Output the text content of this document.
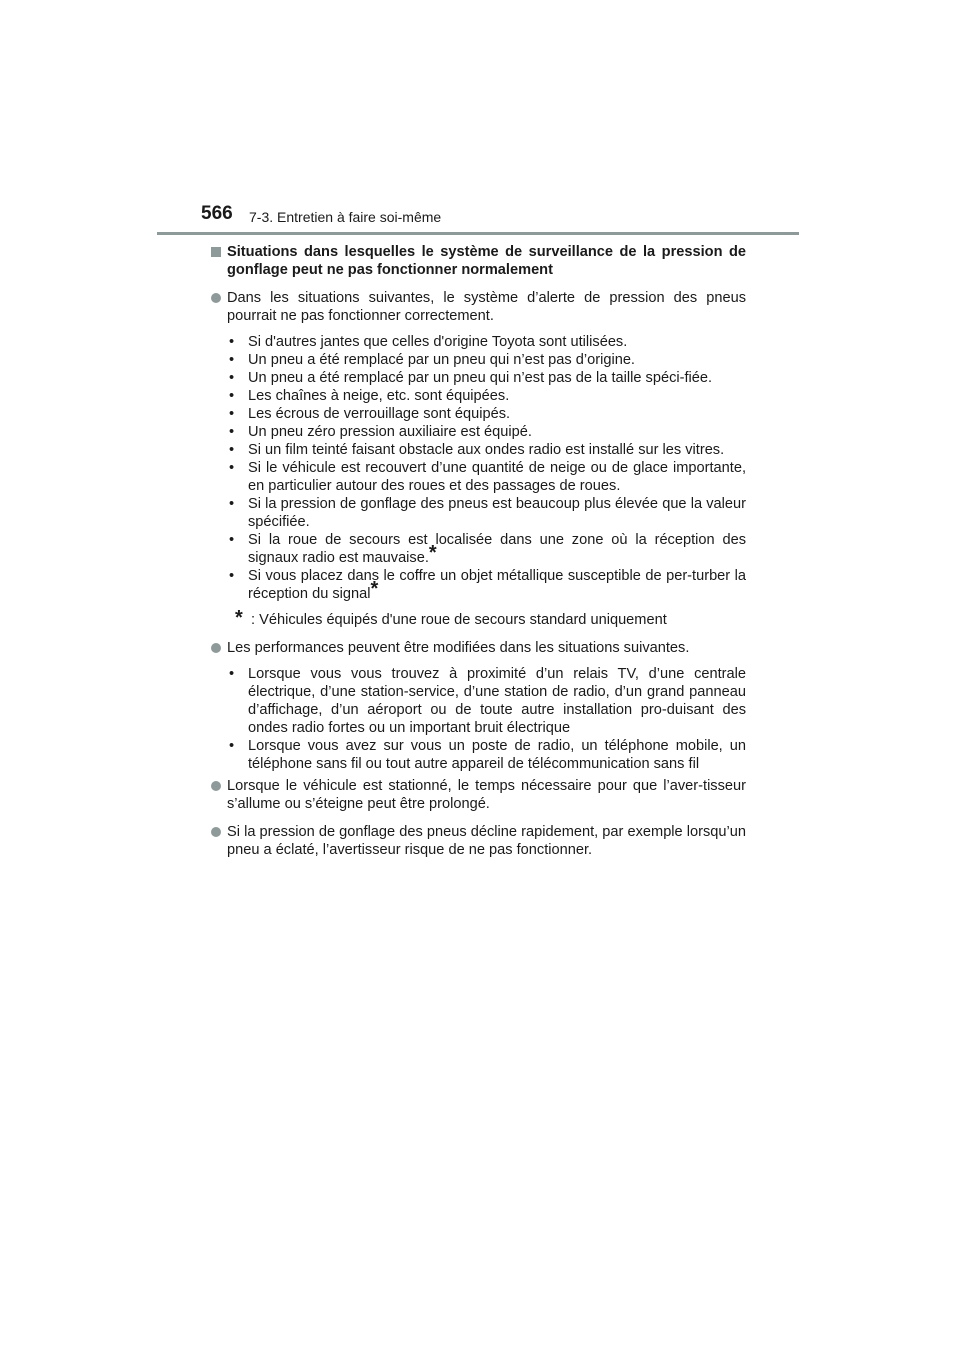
566 7-3. Entretien à faire soi-même
Situations dans lesquelles le système de surveillance de la pression de gonflage peut ne pas fonctionner normalement
Dans les situations suivantes, le système d’alerte de pression des pneus pourrait ne pas fonctionner correctement.
• Si d'autres jantes que celles d'origine Toyota sont utilisées.
• Un pneu a été remplacé par un pneu qui n’est pas d’origine.
• Un pneu a été remplacé par un pneu qui n’est pas de la taille spéci-fiée.
• Les chaînes à neige, etc. sont équipées.
• Les écrous de verrouillage sont équipés.
• Un pneu zéro pression auxiliaire est équipé.
• Si un film teinté faisant obstacle aux ondes radio est installé sur les vitres.
• Si le véhicule est recouvert d’une quantité de neige ou de glace importante, en particulier autour des roues et des passages de roues.
• Si la pression de gonflage des pneus est beaucoup plus élevée que la valeur spécifiée.
• Si la roue de secours est localisée dans une zone où la réception des signaux radio est mauvaise.*
• Si vous placez dans le coffre un objet métallique susceptible de per-turber la réception du signal*
* : Véhicules équipés d'une roue de secours standard uniquement
Les performances peuvent être modifiées dans les situations suivantes.
• Lorsque vous vous trouvez à proximité d’un relais TV, d’une centrale électrique, d’une station-service, d’une station de radio, d’un grand panneau d’affichage, d’un aéroport ou de toute autre installation pro-duisant des ondes radio fortes ou un important bruit électrique
• Lorsque vous avez sur vous un poste de radio, un téléphone mobile, un téléphone sans fil ou tout autre appareil de télécommunication sans fil
Lorsque le véhicule est stationné, le temps nécessaire pour que l’aver-tisseur s’allume ou s’éteigne peut être prolongé.
Si la pression de gonflage des pneus décline rapidement, par exemple lorsqu’un pneu a éclaté, l’avertisseur risque de ne pas fonctionner.
